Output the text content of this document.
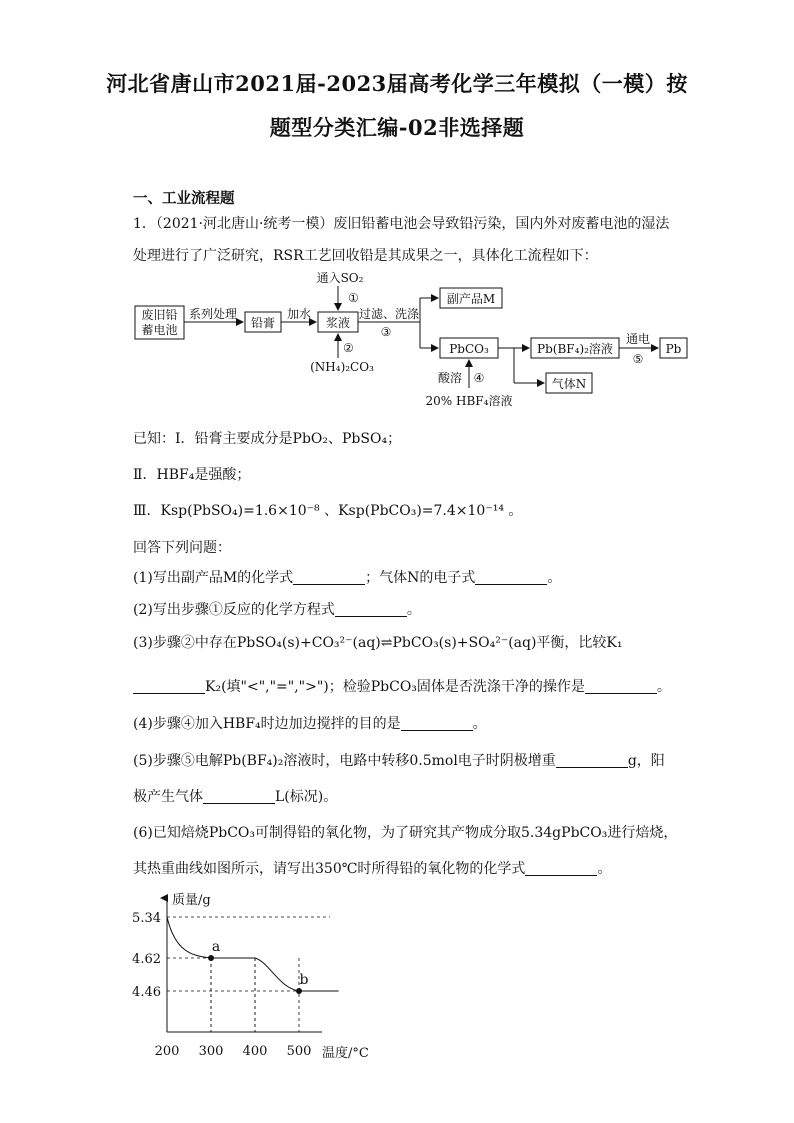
河北省唐山市2021届-2023届高考化学三年模拟（一模）按
题型分类汇编-02非选择题
一、工业流程题
1．（2021·河北唐山·统考一模）废旧铅蓄电池会导致铅污染，国内外对废蓄电池的湿法
处理进行了广泛研究，RSR工艺回收铅是其成果之一，具体化工流程如下：
废旧铅
蓄电池
系列处理
铅膏
加水
浆液
通入SO₂
①
②
(NH₄)₂CO₃
过滤、洗涤
③
副产品M
PbCO₃	Pb(BF₄)₂溶液
通电
⑤
Pb
酸溶 ④
20% HBF₄溶液
气体N
已知：Ⅰ．铅膏主要成分是PbO₂、PbSO₄；
Ⅱ．HBF₄是强酸；
Ⅲ．Ksp(PbSO₄)=1.6×10⁻⁸ 、Ksp(PbCO₃)=7.4×10⁻¹⁴ 。
回答下列问题：
(1)写出副产品M的化学式	；气体N的电子式	。
(2)写出步骤①反应的化学方程式	。
(3)步骤②中存在PbSO₄(s)+CO₃²⁻(aq)⇌PbCO₃(s)+SO₄²⁻(aq)平衡，比较K₁
K₂(填"<","=",">")；检验PbCO₃固体是否洗涤干净的操作是	。
(4)步骤④加入HBF₄时边加边搅拌的目的是	。
(5)步骤⑤电解Pb(BF₄)₂溶液时，电路中转移0.5mol电子时阴极增重	g，阳
极产生气体	L(标况)。
(6)已知焙烧PbCO₃可制得铅的氧化物，为了研究其产物成分取5.34gPbCO₃进行焙烧，
其热重曲线如图所示，请写出350℃时所得铅的氧化物的化学式	。
5.34
4.62
4.46
200 300 400 500
质量/g
温度/°C
a
b
